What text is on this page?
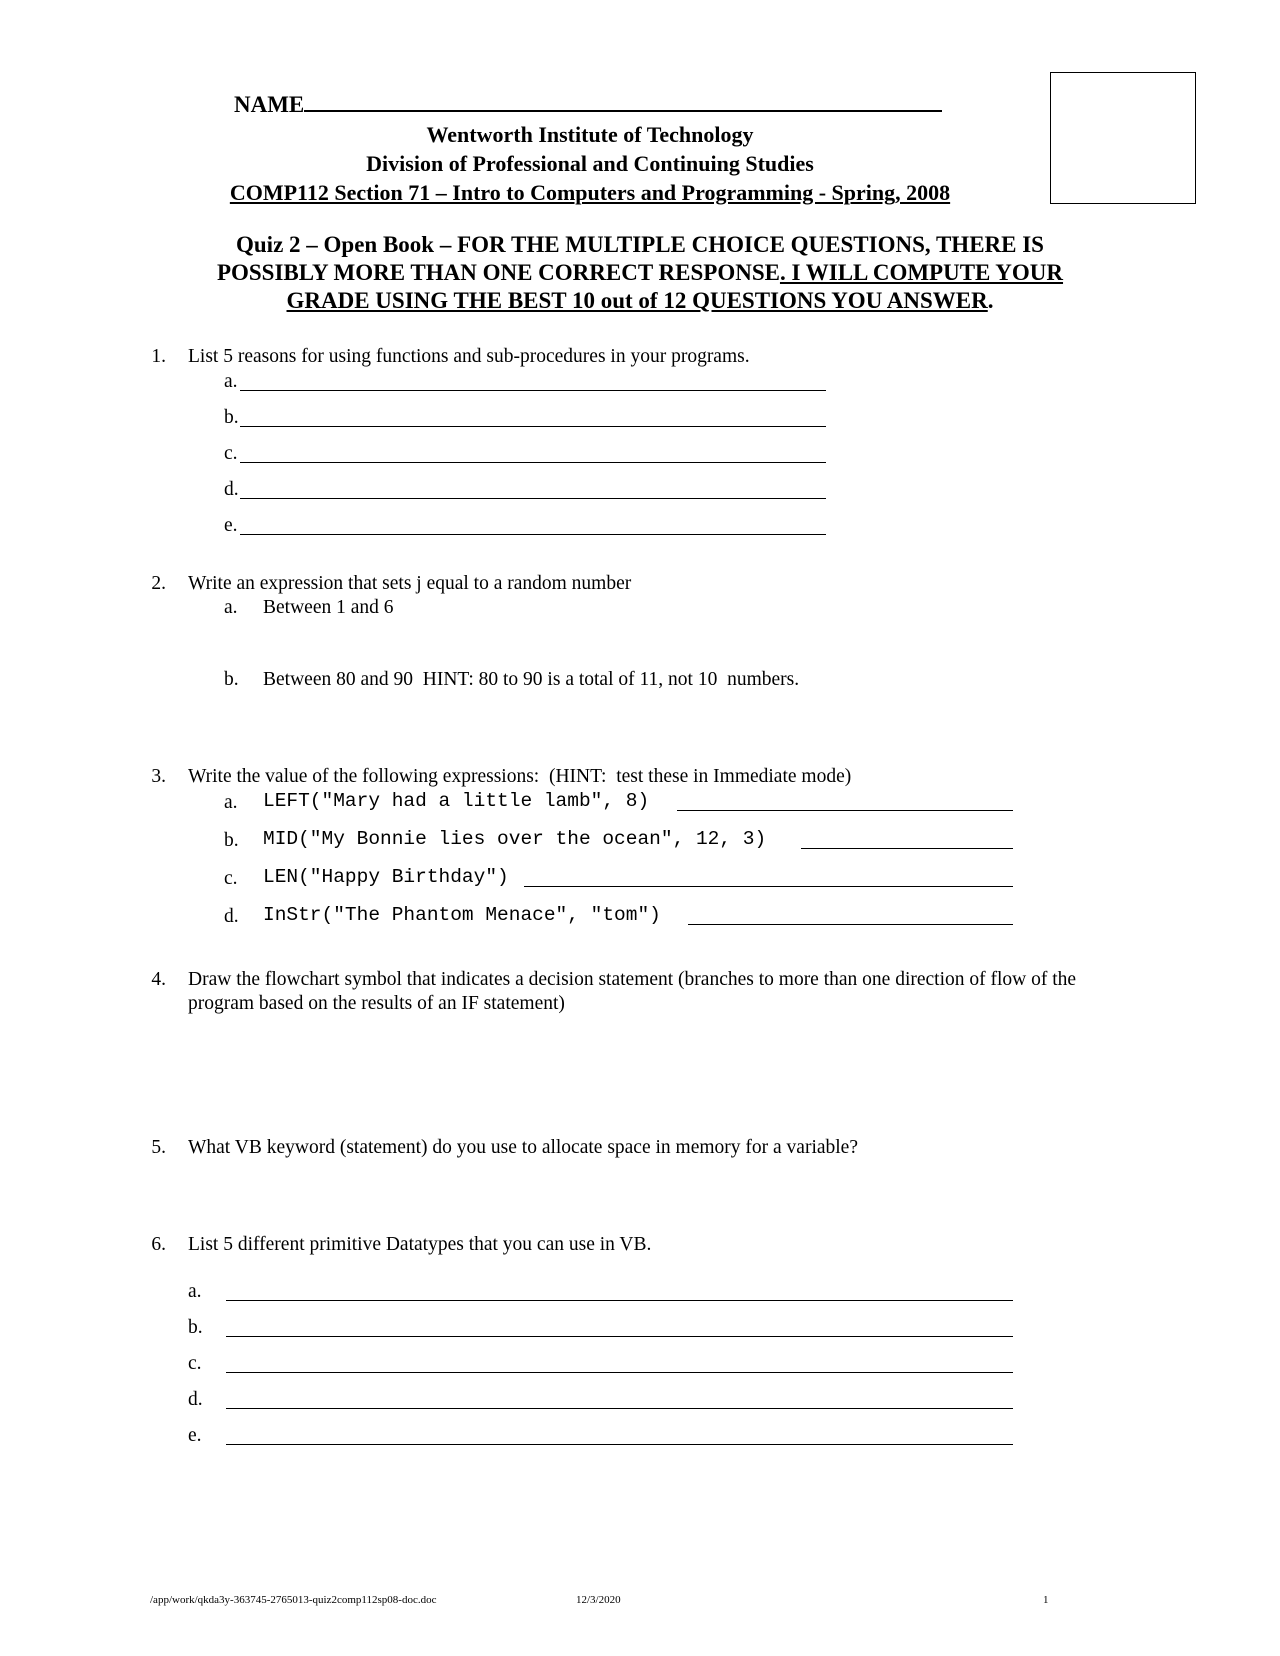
NAME
Wentworth Institute of Technology
Division of Professional and Continuing Studies
COMP112 Section 71 – Intro to Computers and Programming - Spring, 2008
Quiz 2 – Open Book – FOR THE MULTIPLE CHOICE QUESTIONS, THERE IS
POSSIBLY MORE THAN ONE CORRECT RESPONSE. I WILL COMPUTE YOUR
GRADE USING THE BEST 10 out of 12 QUESTIONS YOU ANSWER.
1. List 5 reasons for using functions and sub-procedures in your programs.
a.
b.
c.
d.
e.
2. Write an expression that sets j equal to a random number
a. Between 1 and 6
b. Between 80 and 90  HINT: 80 to 90 is a total of 11, not 10  numbers.
3. Write the value of the following expressions:  (HINT:  test these in Immediate mode)
a. LEFT("Mary had a little lamb", 8)
b. MID("My Bonnie lies over the ocean", 12, 3)
c. LEN("Happy Birthday")
d. InStr("The Phantom Menace", "tom")
4. Draw the flowchart symbol that indicates a decision statement (branches to more than one direction of flow of the
program based on the results of an IF statement)
5. What VB keyword (statement) do you use to allocate space in memory for a variable?
6. List 5 different primitive Datatypes that you can use in VB.
a.
b.
c.
d.
e.
/app/work/qkda3y-363745-2765013-quiz2comp112sp08-doc.doc	12/3/2020	1
